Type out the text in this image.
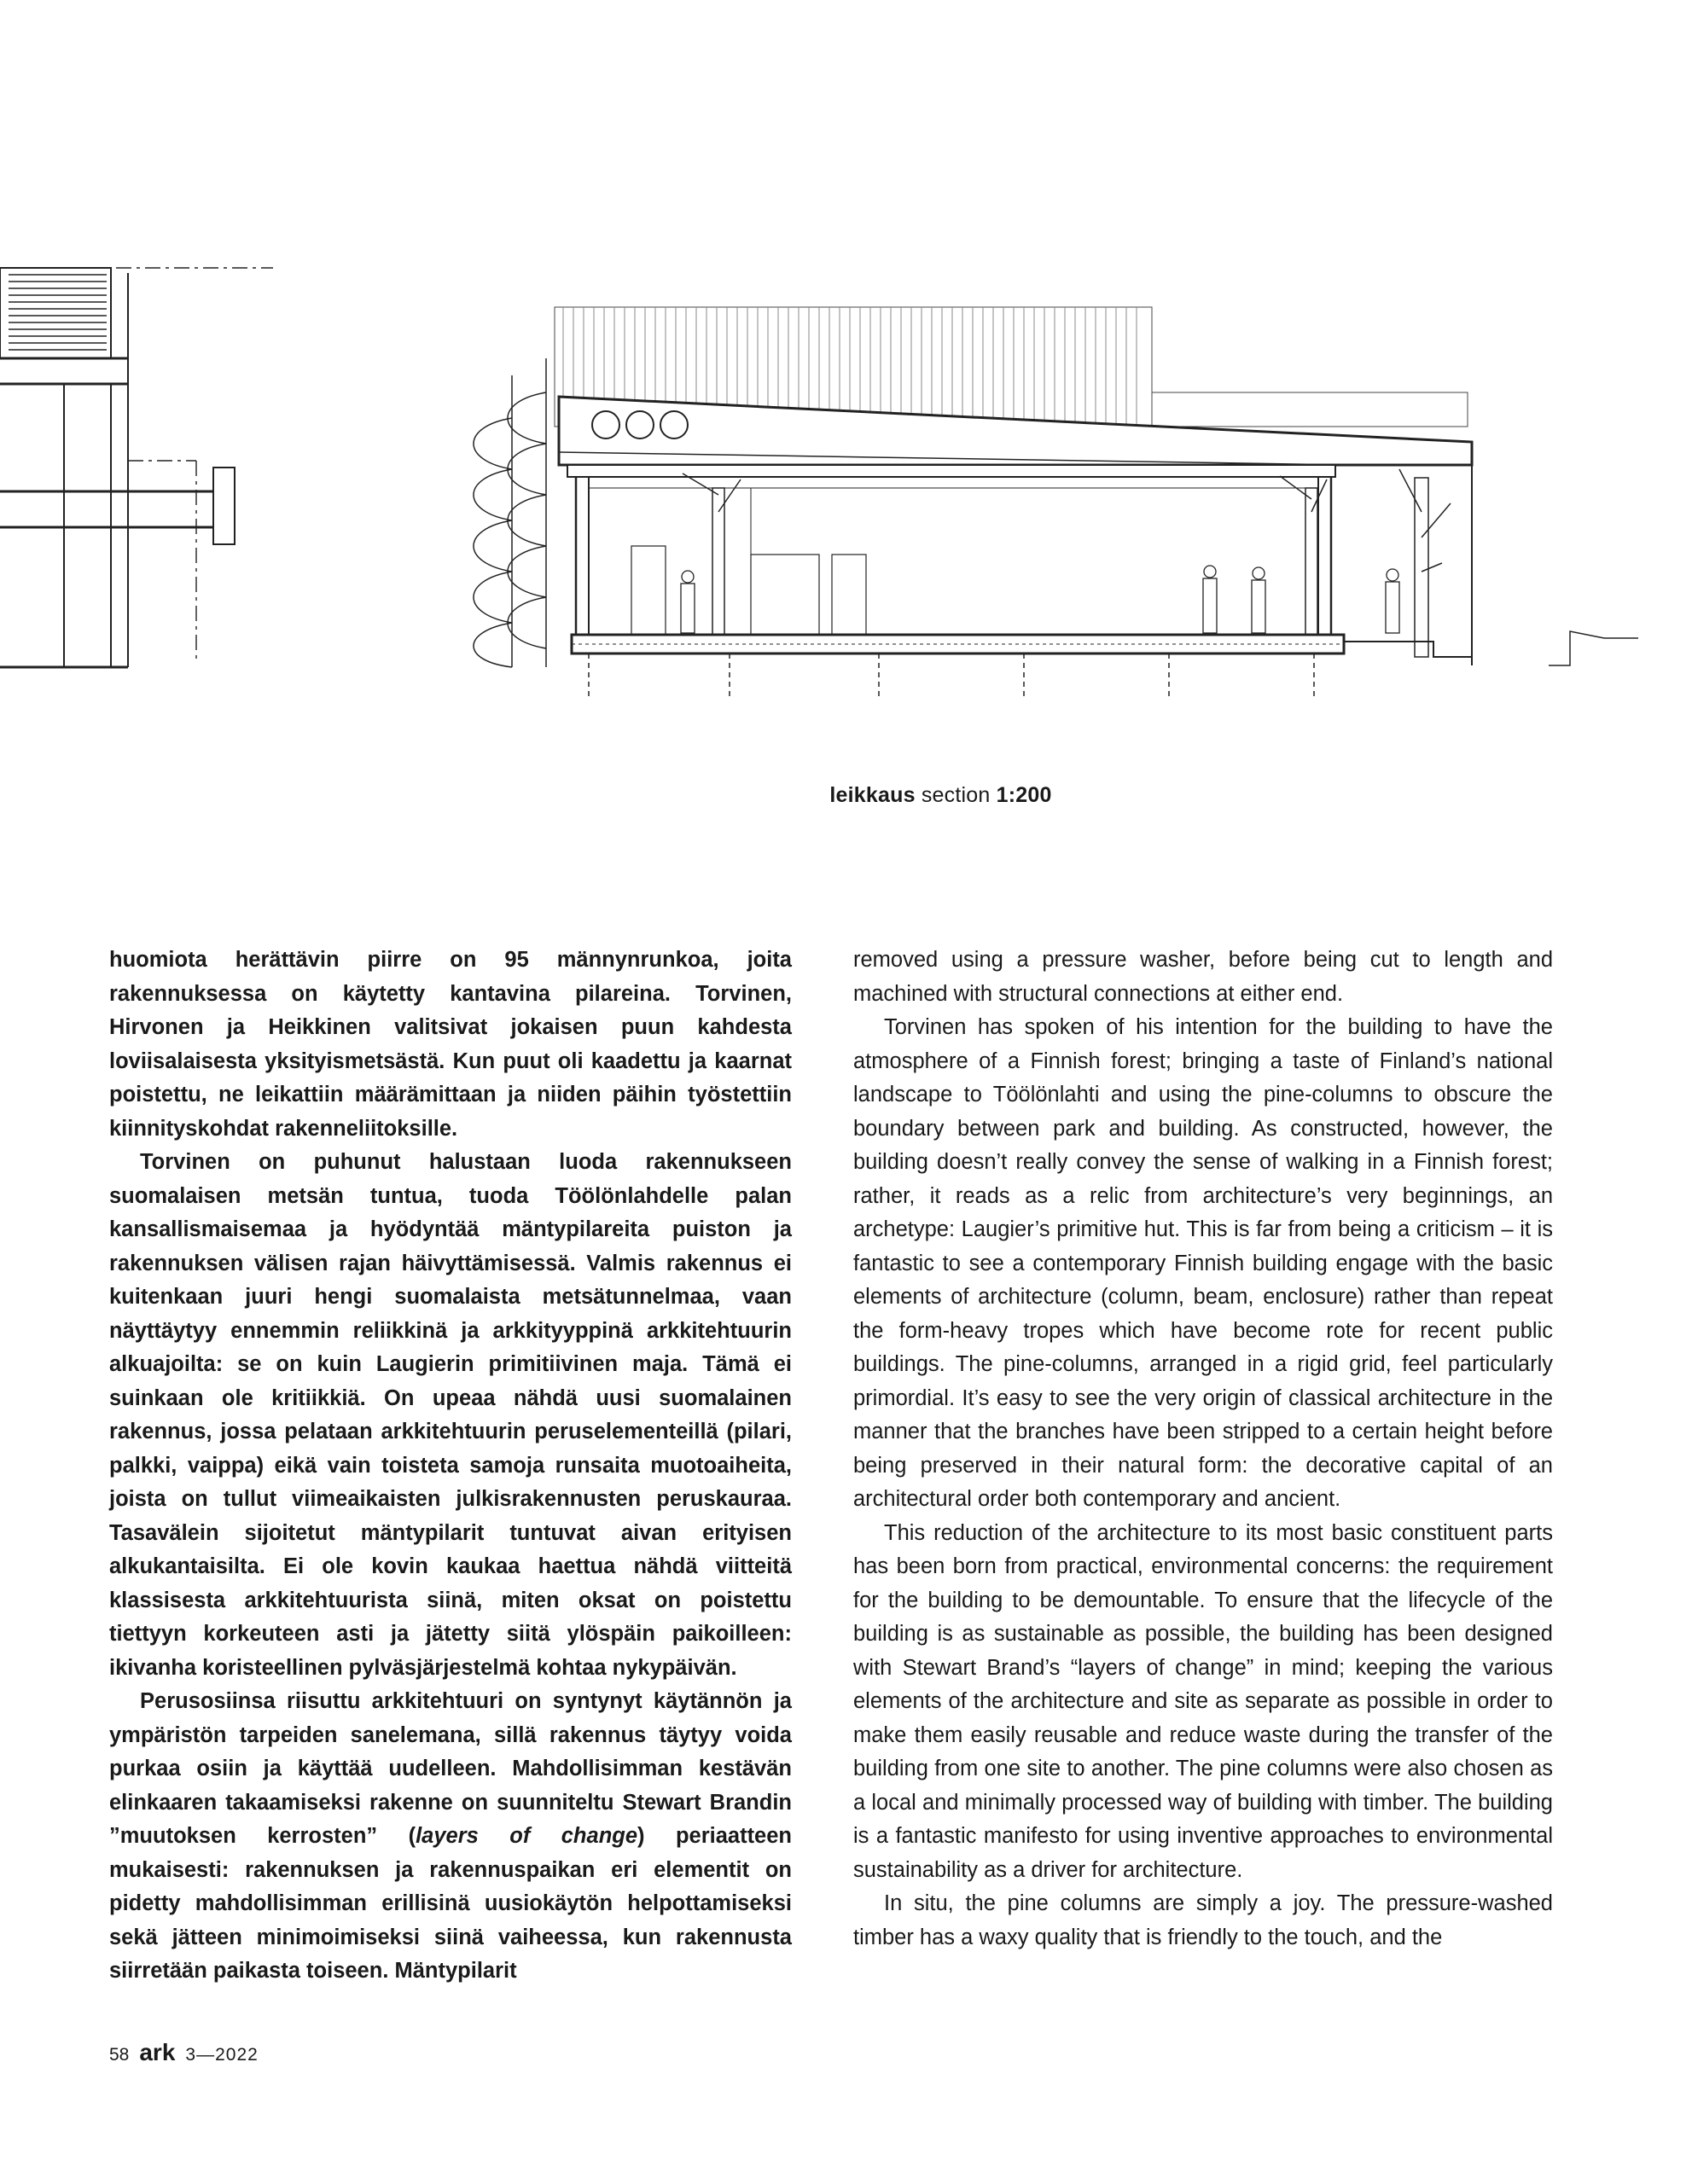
leikkaus section 1:200

huomiota herättävin piirre on 95 männynrunkoa, joita rakennuksessa on käytetty kantavina pilareina. Torvinen, Hirvonen ja Heikkinen valitsivat jokaisen puun kahdesta loviisalaisesta yksityismetsästä. Kun puut oli kaadettu ja kaarnat poistettu, ne leikattiin määrämittaan ja niiden päihin työstettiin kiinnityskohdat rakenneliitoksille.

Torvinen on puhunut halustaan luoda rakennukseen suomalaisen metsän tuntua, tuoda Töölönlahdelle palan kansallismaisemaa ja hyödyntää mäntypilareita puiston ja rakennuksen välisen rajan häivyttämisessä. Valmis rakennus ei kuitenkaan juuri hengi suomalaista metsätunnelmaa, vaan näyttäytyy ennemmin reliikkinä ja arkkityyppinä arkkitehtuurin alkuajoilta: se on kuin Laugierin primitiivinen maja. Tämä ei suinkaan ole kritiikkiä. On upeaa nähdä uusi suomalainen rakennus, jossa pelataan arkkitehtuurin peruselementeillä (pilari, palkki, vaippa) eikä vain toisteta samoja runsaita muotoaiheita, joista on tullut viimeaikaisten julkisrakennusten peruskauraa. Tasavälein sijoitetut mäntypilarit tuntuvat aivan erityisen alkukantaisilta. Ei ole kovin kaukaa haettua nähdä viitteitä klassisesta arkkitehtuurista siinä, miten oksat on poistettu tiettyyn korkeuteen asti ja jätetty siitä ylöspäin paikoilleen: ikivanha koristeellinen pylväsjärjestelmä kohtaa nykypäivän.

Perusosiinsa riisuttu arkkitehtuuri on syntynyt käytännön ja ympäristön tarpeiden sanelemana, sillä rakennus täytyy voida purkaa osiin ja käyttää uudelleen. Mahdollisimman kestävän elinkaaren takaamiseksi rakenne on suunniteltu Stewart Brandin ”muutoksen kerrosten” (layers of change) periaatteen mukaisesti: rakennuksen ja rakennuspaikan eri elementit on pidetty mahdollisimman erillisinä uusiokäytön helpottamiseksi sekä jätteen minimoimiseksi siinä vaiheessa, kun rakennusta siirretään paikasta toiseen. Mäntypilarit

removed using a pressure washer, before being cut to length and machined with structural connections at either end.

Torvinen has spoken of his intention for the building to have the atmosphere of a Finnish forest; bringing a taste of Finland’s national landscape to Töölönlahti and using the pine-columns to obscure the boundary between park and building. As constructed, however, the building doesn’t really convey the sense of walking in a Finnish forest; rather, it reads as a relic from architecture’s very beginnings, an archetype: Laugier’s primitive hut. This is far from being a criticism – it is fantastic to see a contemporary Finnish building engage with the basic elements of architecture (column, beam, enclosure) rather than repeat the form-heavy tropes which have become rote for recent public buildings. The pine-columns, arranged in a rigid grid, feel particularly primordial. It’s easy to see the very origin of classical architecture in the manner that the branches have been stripped to a certain height before being preserved in their natural form: the decorative capital of an architectural order both contemporary and ancient.

This reduction of the architecture to its most basic constituent parts has been born from practical, environmental concerns: the requirement for the building to be demountable. To ensure that the lifecycle of the building is as sustainable as possible, the building has been designed with Stewart Brand’s “layers of change” in mind; keeping the various elements of the architecture and site as separate as possible in order to make them easily reusable and reduce waste during the transfer of the building from one site to another. The pine columns were also chosen as a local and minimally processed way of building with timber. The building is a fantastic manifesto for using inventive approaches to environmental sustainability as a driver for architecture.

In situ, the pine columns are simply a joy. The pressure-washed timber has a waxy quality that is friendly to the touch, and the

58 ark 3—2022
